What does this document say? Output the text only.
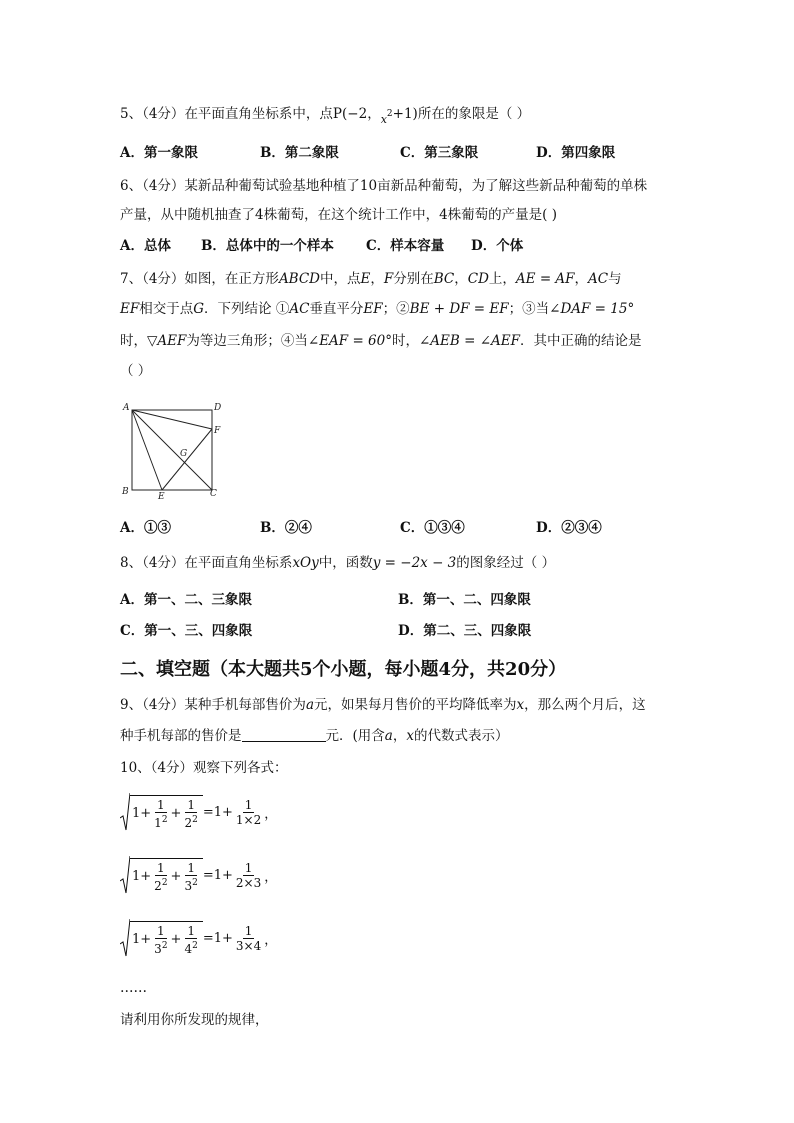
5、（4分）在平面直角坐标系中，点P(−2，$_x^2$+1)所在的象限是（ ）
A．第一象限	B．第二象限	C．第三象限	D．第四象限
6、（4分）某新品种葡萄试验基地种植了10亩新品种葡萄，为了解这些新品种葡萄的单株
产量，从中随机抽查了4株葡萄，在这个统计工作中，4株葡萄的产量是( )
A．总体 B．总体中的一个样本 C．样本容量 D．个体
7、（4分）如图，在正方形ABCD中，点E，F分别在BC，CD上，AE = AF，AC与
EF相交于点G．下列结论 ①AC垂直平分EF；②BE + DF = EF；③当∠DAF = 15°
时，▽AEF为等边三角形；④当∠EAF = 60°时，∠AEB = ∠AEF．其中正确的结论是
（ ）
A	D
F
G
B	E	C
A．①③	B．②④	C．①③④	D．②③④
8、（4分）在平面直角坐标系xOy中，函数y = −2x − 3的图象经过（ ）
A．第一、二、三象限	B．第一、二、四象限
C．第一、三、四象限	D．第二、三、四象限
二、填空题（本大题共5个小题，每小题4分，共20分）
9、（4分）某种手机每部售价为a元，如果每月售价的平均降低率为x，那么两个月后，这
种手机每部的售价是	元．(用含a，x的代数式表示）
10、（4分）观察下列各式：
$1+ \frac{1}{1^2} + \frac{1}{2^2} =1+ \frac{1}{1\times 2}$ ，
$1+ \frac{1}{2^2} + \frac{1}{3^2} =1+ \frac{1}{2\times 3}$ ，
$1+ \frac{1}{3^2} + \frac{1}{4^2} =1+ \frac{1}{3\times 4}$ ，
……
请利用你所发现的规律，
